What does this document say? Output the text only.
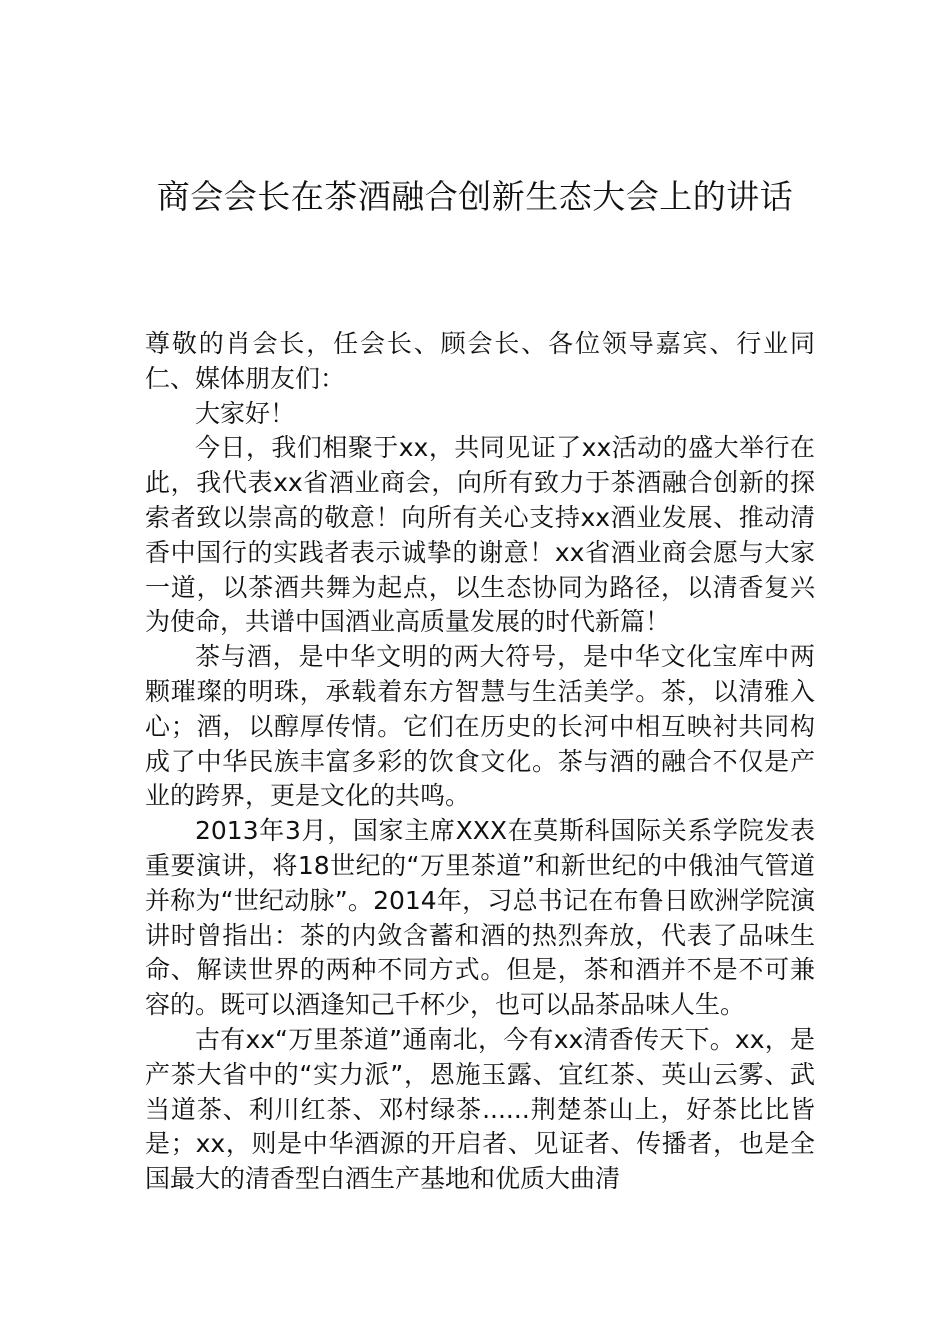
商会会长在茶酒融合创新生态大会上的讲话

尊敬的肖会长，任会长、顾会长、各位领导嘉宾、行业同仁、媒体朋友们：

大家好！

今日，我们相聚于xx，共同见证了xx活动的盛大举行在此，我代表xx省酒业商会，向所有致力于茶酒融合创新的探索者致以崇高的敬意！向所有关心支持xx酒业发展、推动清香中国行的实践者表示诚挚的谢意！xx省酒业商会愿与大家一道，以茶酒共舞为起点，以生态协同为路径，以清香复兴为使命，共谱中国酒业高质量发展的时代新篇！

茶与酒，是中华文明的两大符号，是中华文化宝库中两颗璀璨的明珠，承载着东方智慧与生活美学。茶，以清雅入心；酒，以醇厚传情。它们在历史的长河中相互映衬共同构成了中华民族丰富多彩的饮食文化。茶与酒的融合不仅是产业的跨界，更是文化的共鸣。

2013年3月，国家主席XXX在莫斯科国际关系学院发表重要演讲，将18世纪的“万里茶道”和新世纪的中俄油气管道并称为“世纪动脉”。2014年，习总书记在布鲁日欧洲学院演讲时曾指出：茶的内敛含蓄和酒的热烈奔放，代表了品味生命、解读世界的两种不同方式。但是，茶和酒并不是不可兼容的。既可以酒逢知己千杯少，也可以品茶品味人生。

古有xx“万里茶道”通南北，今有xx清香传天下。xx，是产茶大省中的“实力派”，恩施玉露、宜红茶、英山云雾、武当道茶、利川红茶、邓村绿茶......荆楚茶山上，好茶比比皆是；xx，则是中华酒源的开启者、见证者、传播者，也是全国最大的清香型白酒生产基地和优质大曲清
